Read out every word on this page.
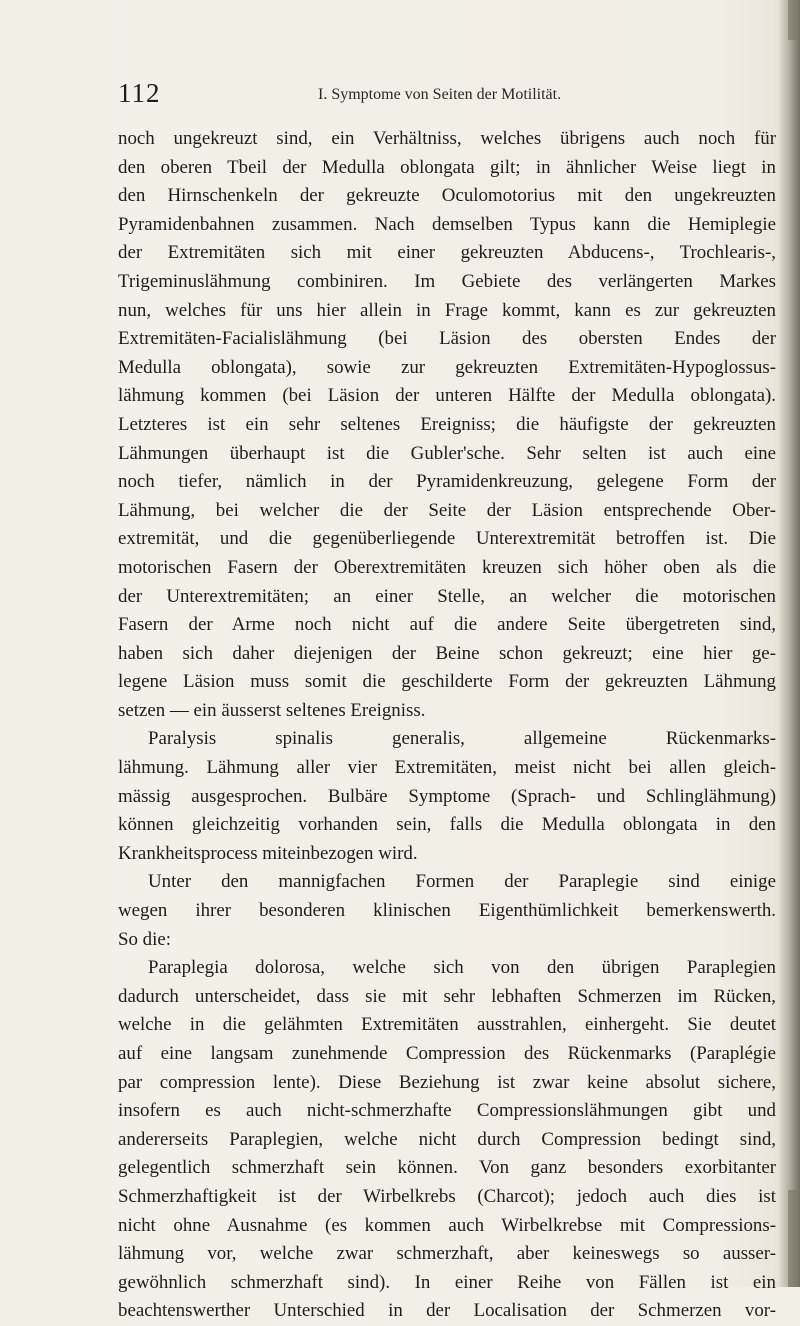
112	I. Symptome von Seiten der Motilität.
noch ungekreuzt sind, ein Verhältniss, welches übrigens auch noch für
den oberen Tbeil der Medulla oblongata gilt; in ähnlicher Weise liegt in
den Hirnschenkeln der gekreuzte Oculomotorius mit den ungekreuzten
Pyramidenbahnen zusammen. Nach demselben Typus kann die Hemiplegie
der Extremitäten sich mit einer gekreuzten Abducens-, Trochlearis-,
Trigeminuslähmung combiniren. Im Gebiete des verlängerten Markes
nun, welches für uns hier allein in Frage kommt, kann es zur gekreuzten
Extremitäten-Facialislähmung (bei Läsion des obersten Endes der
Medulla oblongata), sowie zur gekreuzten Extremitäten-Hypoglossus-
lähmung kommen (bei Läsion der unteren Hälfte der Medulla oblongata).
Letzteres ist ein sehr seltenes Ereigniss; die häufigste der gekreuzten
Lähmungen überhaupt ist die Gubler'sche. Sehr selten ist auch eine
noch tiefer, nämlich in der Pyramidenkreuzung, gelegene Form der
Lähmung, bei welcher die der Seite der Läsion entsprechende Ober-
extremität, und die gegenüberliegende Unterextremität betroffen ist. Die
motorischen Fasern der Oberextremitäten kreuzen sich höher oben als die
der Unterextremitäten; an einer Stelle, an welcher die motorischen
Fasern der Arme noch nicht auf die andere Seite übergetreten sind,
haben sich daher diejenigen der Beine schon gekreuzt; eine hier ge-
legene Läsion muss somit die geschilderte Form der gekreuzten Lähmung
setzen — ein äusserst seltenes Ereigniss.
Paralysis spinalis generalis, allgemeine Rückenmarks-
lähmung. Lähmung aller vier Extremitäten, meist nicht bei allen gleich-
mässig ausgesprochen. Bulbäre Symptome (Sprach- und Schlinglähmung)
können gleichzeitig vorhanden sein, falls die Medulla oblongata in den
Krankheitsprocess miteinbezogen wird.
Unter den mannigfachen Formen der Paraplegie sind einige
wegen ihrer besonderen klinischen Eigenthümlichkeit bemerkenswerth.
So die:
Paraplegia dolorosa, welche sich von den übrigen Paraplegien
dadurch unterscheidet, dass sie mit sehr lebhaften Schmerzen im Rücken,
welche in die gelähmten Extremitäten ausstrahlen, einhergeht. Sie deutet
auf eine langsam zunehmende Compression des Rückenmarks (Paraplégie
par compression lente). Diese Beziehung ist zwar keine absolut sichere,
insofern es auch nicht-schmerzhafte Compressionslähmungen gibt und
andererseits Paraplegien, welche nicht durch Compression bedingt sind,
gelegentlich schmerzhaft sein können. Von ganz besonders exorbitanter
Schmerzhaftigkeit ist der Wirbelkrebs (Charcot); jedoch auch dies ist
nicht ohne Ausnahme (es kommen auch Wirbelkrebse mit Compressions-
lähmung vor, welche zwar schmerzhaft, aber keineswegs so ausser-
gewöhnlich schmerzhaft sind). In einer Reihe von Fällen ist ein
beachtenswerther Unterschied in der Localisation der Schmerzen vor-
